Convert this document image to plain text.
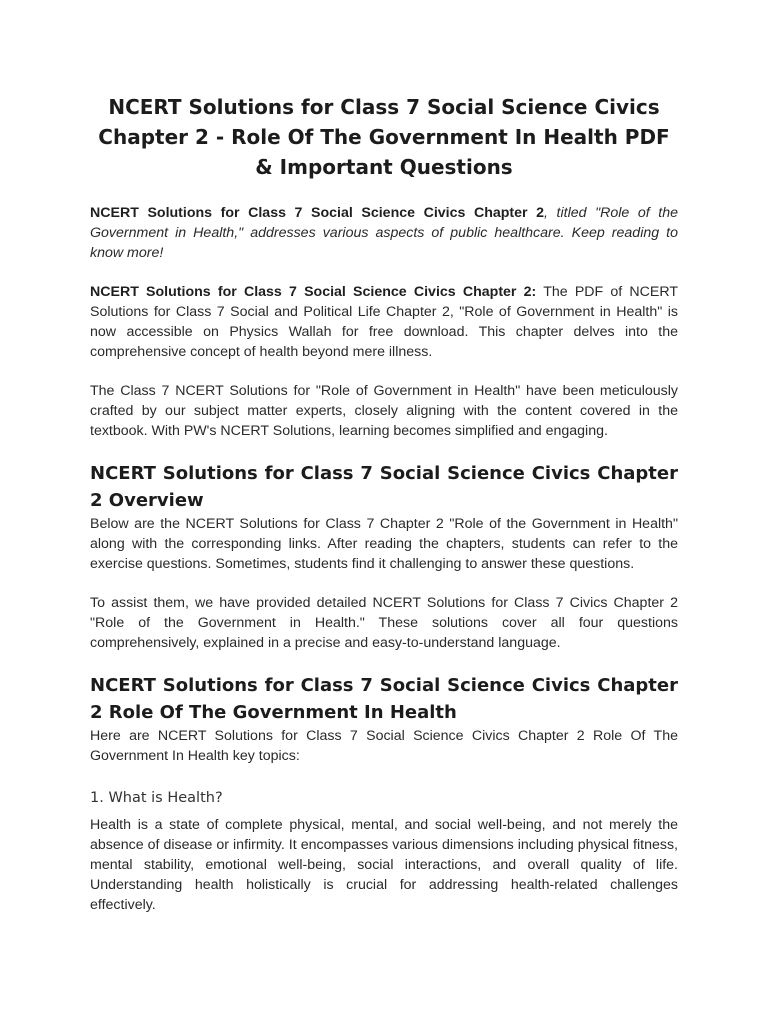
NCERT Solutions for Class 7 Social Science Civics Chapter 2 - Role Of The Government In Health PDF & Important Questions

NCERT Solutions for Class 7 Social Science Civics Chapter 2, titled "Role of the Government in Health," addresses various aspects of public healthcare. Keep reading to know more!

NCERT Solutions for Class 7 Social Science Civics Chapter 2: The PDF of NCERT Solutions for Class 7 Social and Political Life Chapter 2, "Role of Government in Health" is now accessible on Physics Wallah for free download. This chapter delves into the comprehensive concept of health beyond mere illness.

The Class 7 NCERT Solutions for "Role of Government in Health" have been meticulously crafted by our subject matter experts, closely aligning with the content covered in the textbook. With PW's NCERT Solutions, learning becomes simplified and engaging.

NCERT Solutions for Class 7 Social Science Civics Chapter 2 Overview

Below are the NCERT Solutions for Class 7 Chapter 2 "Role of the Government in Health" along with the corresponding links. After reading the chapters, students can refer to the exercise questions. Sometimes, students find it challenging to answer these questions.

To assist them, we have provided detailed NCERT Solutions for Class 7 Civics Chapter 2 "Role of the Government in Health." These solutions cover all four questions comprehensively, explained in a precise and easy-to-understand language.

NCERT Solutions for Class 7 Social Science Civics Chapter 2 Role Of The Government In Health

Here are NCERT Solutions for Class 7 Social Science Civics Chapter 2 Role Of The Government In Health key topics:

1. What is Health?

Health is a state of complete physical, mental, and social well-being, and not merely the absence of disease or infirmity. It encompasses various dimensions including physical fitness, mental stability, emotional well-being, social interactions, and overall quality of life. Understanding health holistically is crucial for addressing health-related challenges effectively.
